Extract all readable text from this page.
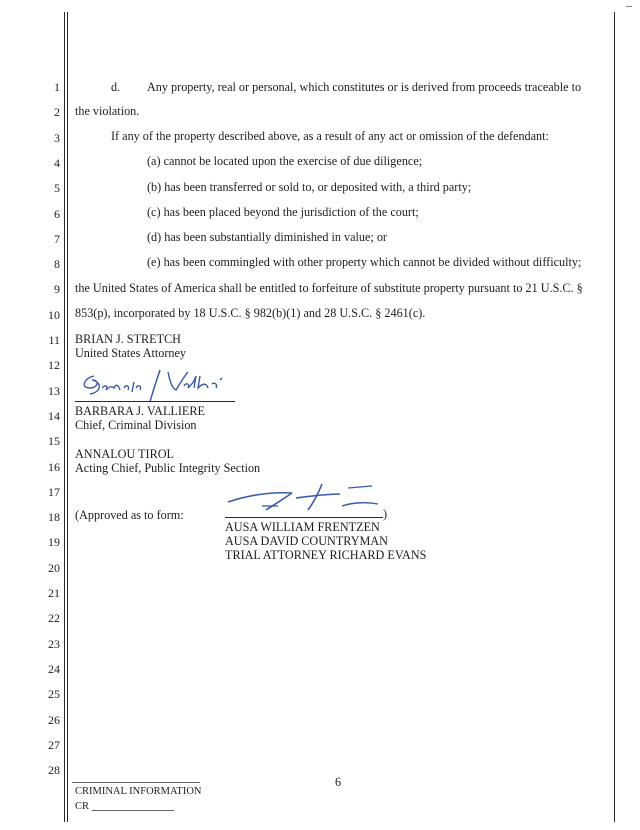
1
2
3
4
5
6
7
8
9
10
11
12
13
14
15
16
17
18
19
20
21
22
23
24
25
26
27
28
d. Any property, real or personal, which constitutes or is derived from proceeds traceable to
the violation.
If any of the property described above, as a result of any act or omission of the defendant:
(a) cannot be located upon the exercise of due diligence;
(b) has been transferred or sold to, or deposited with, a third party;
(c) has been placed beyond the jurisdiction of the court;
(d) has been substantially diminished in value; or
(e) has been commingled with other property which cannot be divided without difficulty;
the United States of America shall be entitled to forfeiture of substitute property pursuant to 21 U.S.C. §
853(p), incorporated by 18 U.S.C. § 982(b)(1) and 28 U.S.C. § 2461(c).
BRIAN J. STRETCH
United States Attorney
BARBARA J. VALLIERE
Chief, Criminal Division
ANNALOU TIROL
Acting Chief, Public Integrity Section
(Approved as to form:	)
AUSA WILLIAM FRENTZEN
AUSA DAVID COUNTRYMAN
TRIAL ATTORNEY RICHARD EVANS
6
CRIMINAL INFORMATION
CR
